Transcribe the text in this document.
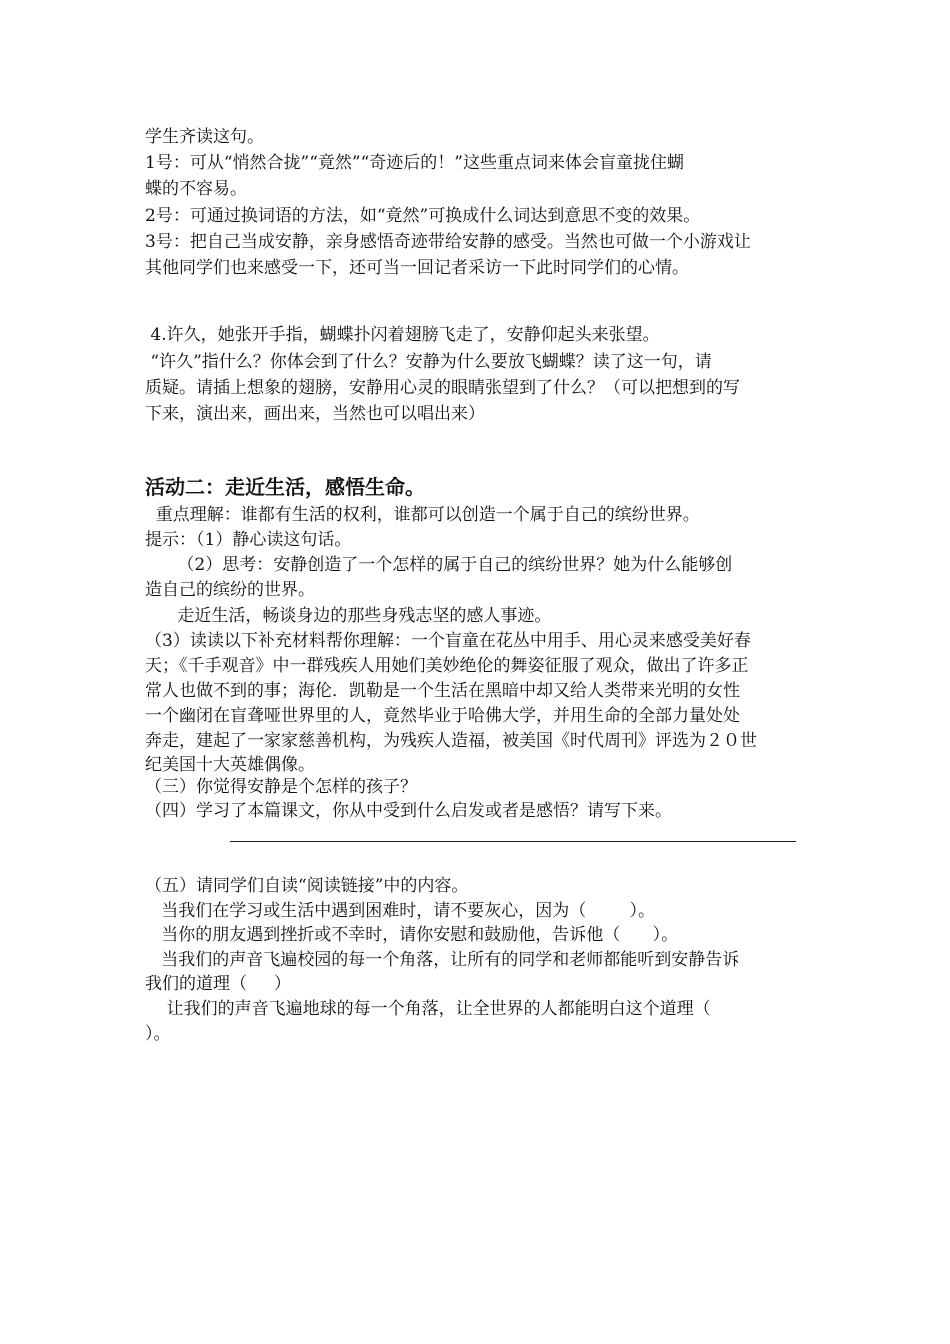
学生齐读这句。
1号：可从“悄然合拢”“竟然”“奇迹后的！”这些重点词来体会盲童拢住蝴
蝶的不容易。
2号：可通过换词语的方法，如“竟然”可换成什么词达到意思不变的效果。
3号：把自己当成安静，亲身感悟奇迹带给安静的感受。当然也可做一个小游戏让
其他同学们也来感受一下，还可当一回记者采访一下此时同学们的心情。
4.许久，她张开手指，蝴蝶扑闪着翅膀飞走了，安静仰起头来张望。
“许久”指什么？你体会到了什么？安静为什么要放飞蝴蝶？读了这一句，请
质疑。请插上想象的翅膀，安静用心灵的眼睛张望到了什么？（可以把想到的写
下来，演出来，画出来，当然也可以唱出来）
活动二：走近生活，感悟生命。
重点理解：谁都有生活的权利，谁都可以创造一个属于自己的缤纷世界。
提示：（1）静心读这句话。
（2）思考：安静创造了一个怎样的属于自己的缤纷世界？她为什么能够创
造自己的缤纷的世界。
走近生活，畅谈身边的那些身残志坚的感人事迹。
（3）读读以下补充材料帮你理解：一个盲童在花丛中用手、用心灵来感受美好春
天；《千手观音》中一群残疾人用她们美妙绝伦的舞姿征服了观众，做出了许多正
常人也做不到的事；海伦．凯勒是一个生活在黑暗中却又给人类带来光明的女性
一个幽闭在盲聋哑世界里的人，竟然毕业于哈佛大学，并用生命的全部力量处处
奔走，建起了一家家慈善机构，为残疾人造福，被美国《时代周刊》评选为２０世
纪美国十大英雄偶像。
（三）你觉得安静是个怎样的孩子？
（四）学习了本篇课文，你从中受到什么启发或者是感悟？请写下来。
（五）请同学们自读“阅读链接”中的内容。
当我们在学习或生活中遇到困难时，请不要灰心，因为（        ）。
当你的朋友遇到挫折或不幸时，请你安慰和鼓励他，告诉他（      ）。
当我们的声音飞遍校园的每一个角落，让所有的同学和老师都能听到安静告诉
我们的道理（     ）
让我们的声音飞遍地球的每一个角落，让全世界的人都能明白这个道理（
）。
